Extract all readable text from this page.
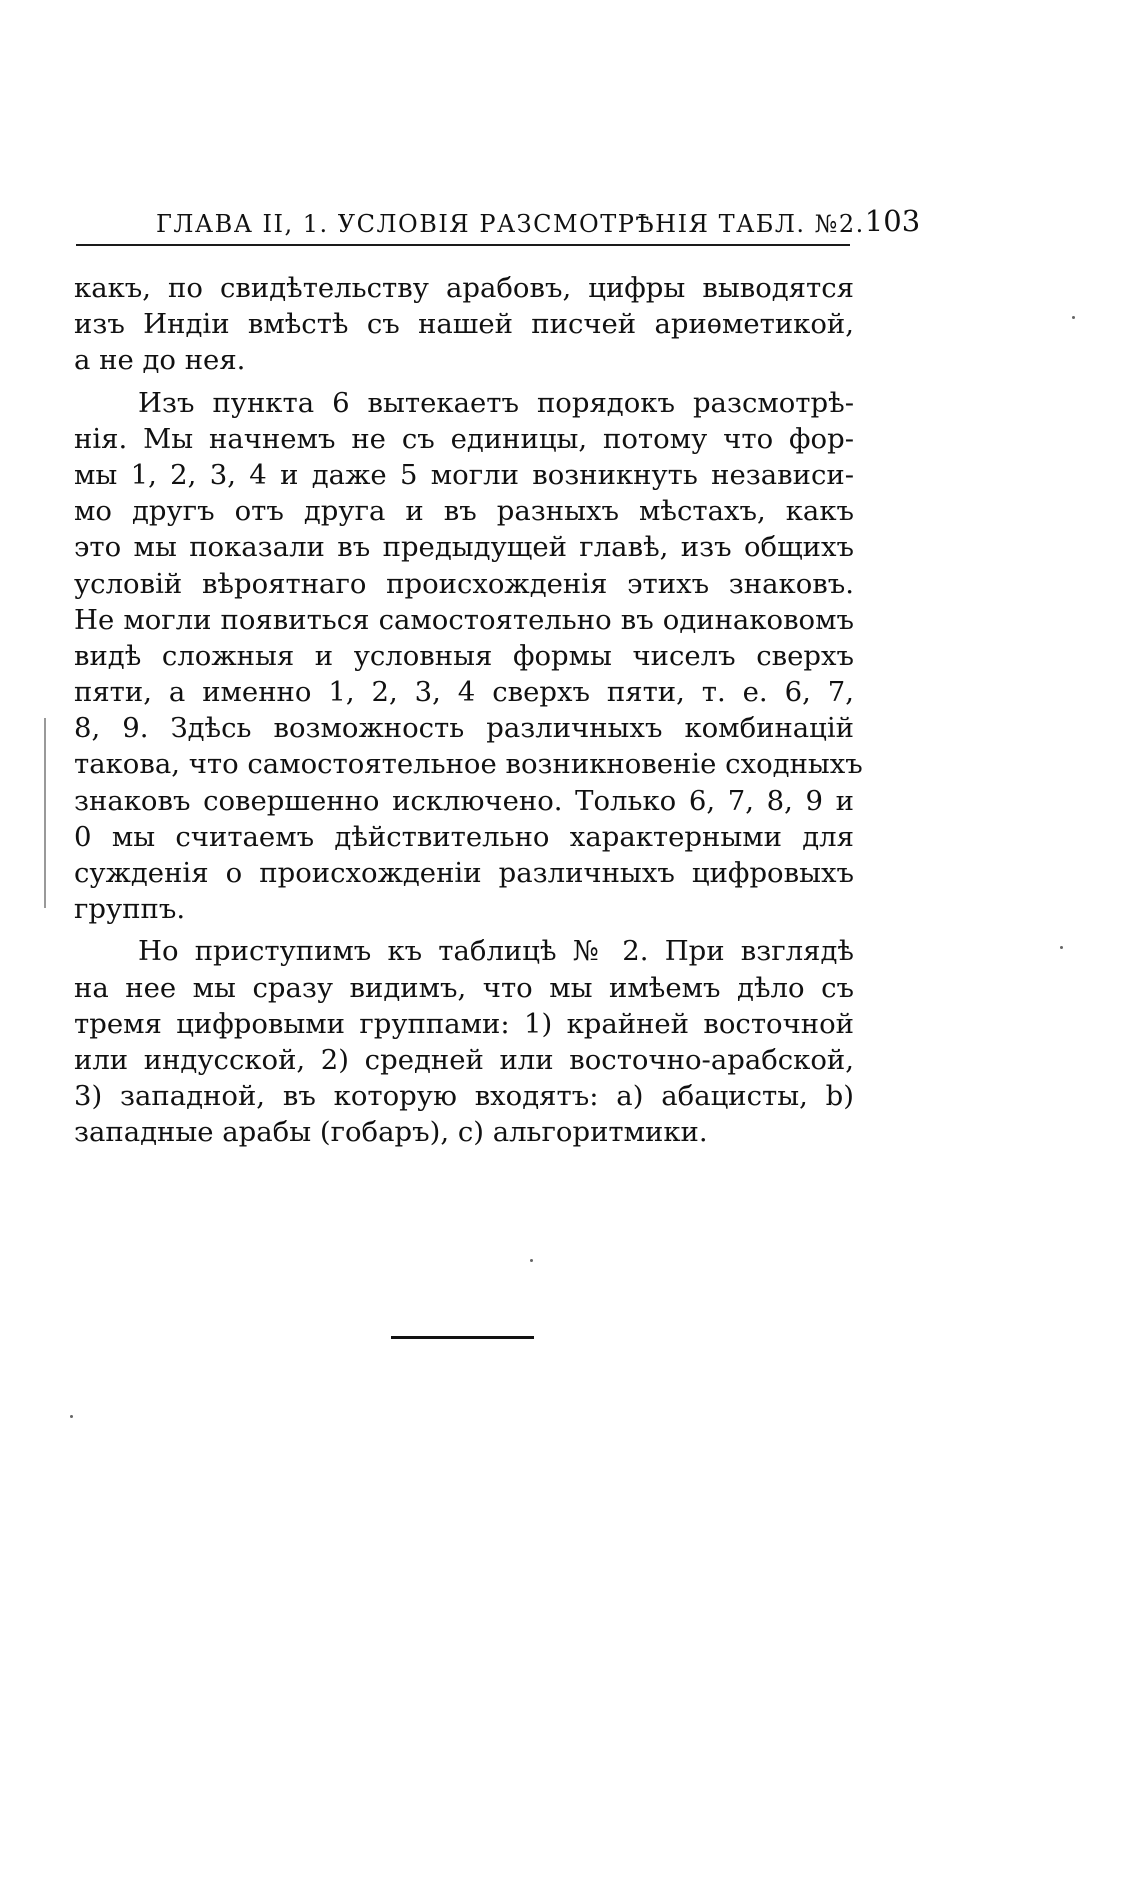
ГЛАВА II, 1. УСЛОВІЯ РАЗСМОТРѢНІЯ ТАБЛ. №2. 103
какъ, по свидѣтельству арабовъ, цифры выводятся
изъ Индіи вмѣстѣ съ нашей писчей ариѳметикой,
а не до нея.
Изъ пункта 6 вытекаетъ порядокъ разсмотрѣ-
нія. Мы начнемъ не съ единицы, потому что фор-
мы 1, 2, 3, 4 и даже 5 могли возникнуть независи-
мо другъ отъ друга и въ разныхъ мѣстахъ, какъ
это мы показали въ предыдущей главѣ, изъ общихъ
условій вѣроятнаго происхожденія этихъ знаковъ.
Не могли появиться самостоятельно въ одинаковомъ
видѣ сложныя и условныя формы чиселъ сверхъ
пяти, а именно 1, 2, 3, 4 сверхъ пяти, т. е. 6, 7,
8, 9. Здѣсь возможность различныхъ комбинацій
такова, что самостоятельное возникновеніе сходныхъ
знаковъ совершенно исключено. Только 6, 7, 8, 9 и
0 мы считаемъ дѣйствительно характерными для
сужденія о происхожденіи различныхъ цифровыхъ
группъ.
Но приступимъ къ таблицѣ № 2. При взглядѣ
на нее мы сразу видимъ, что мы имѣемъ дѣло съ
тремя цифровыми группами: 1) крайней восточной
или индусской, 2) средней или восточно-арабской,
3) западной, въ которую входятъ: a) абацисты, b)
западные арабы (гобаръ), c) альгоритмики.
